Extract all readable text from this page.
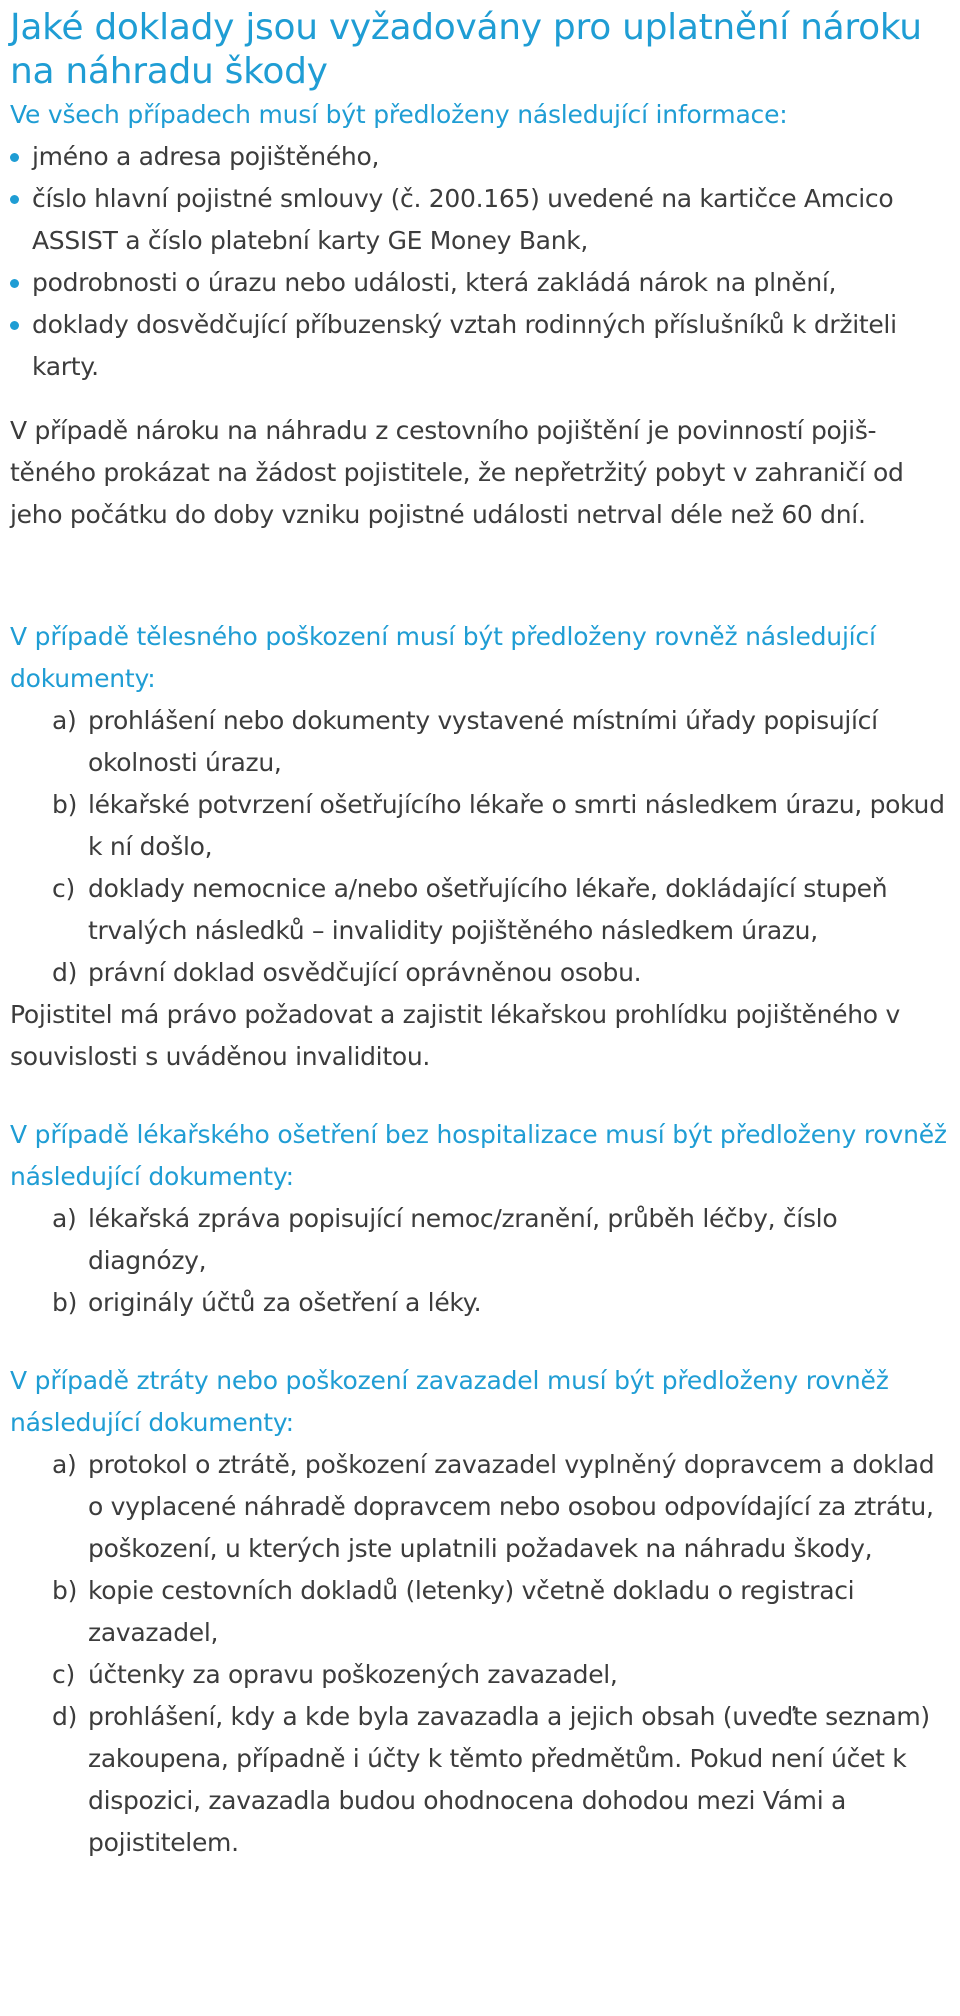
Jaké doklady jsou vyžadovány pro uplatnění nároku na náhradu škody

Ve všech případech musí být předloženy následující informace:

jméno a adresa pojištěného,
číslo hlavní pojistné smlouvy (č. 200.165) uvedené na kartičce Amcico ASSIST a číslo platební karty GE Money Bank,
podrobnosti o úrazu nebo události, která zakládá nárok na plnění,
doklady dosvědčující příbuzenský vztah rodinných příslušníků k držiteli karty.

V případě nároku na náhradu z cestovního pojištění je povinností pojiš-těného prokázat na žádost pojistitele, že nepřetržitý pobyt v zahraničí od jeho počátku do doby vzniku pojistné události netrval déle než 60 dní.

V případě tělesného poškození musí být předloženy rovněž následující dokumenty:

a) prohlášení nebo dokumenty vystavené místními úřady popisující okolnosti úrazu,
b) lékařské potvrzení ošetřujícího lékaře o smrti následkem úrazu, pokud k ní došlo,
c) doklady nemocnice a/nebo ošetřujícího lékaře, dokládající stupeň trvalých následků – invalidity pojištěného následkem úrazu,
d) právní doklad osvědčující oprávněnou osobu.

Pojistitel má právo požadovat a zajistit lékařskou prohlídku pojištěného v souvislosti s uváděnou invaliditou.

V případě lékařského ošetření bez hospitalizace musí být předloženy rovněž následující dokumenty:

a) lékařská zpráva popisující nemoc/zranění, průběh léčby, číslo diagnózy,
b) originály účtů za ošetření a léky.

V případě ztráty nebo poškození zavazadel musí být předloženy rovněž následující dokumenty:

a) protokol o ztrátě, poškození zavazadel vyplněný dopravcem a doklad o vyplacené náhradě dopravcem nebo osobou odpovídající za ztrátu, poškození, u kterých jste uplatnili požadavek na náhradu škody,
b) kopie cestovních dokladů (letenky) včetně dokladu o registraci zavazadel,
c) účtenky za opravu poškozených zavazadel,
d) prohlášení, kdy a kde byla zavazadla a jejich obsah (uveďte seznam) zakoupena, případně i účty k těmto předmětům. Pokud není účet k dispozici, zavazadla budou ohodnocena dohodou mezi Vámi a pojistitelem.
